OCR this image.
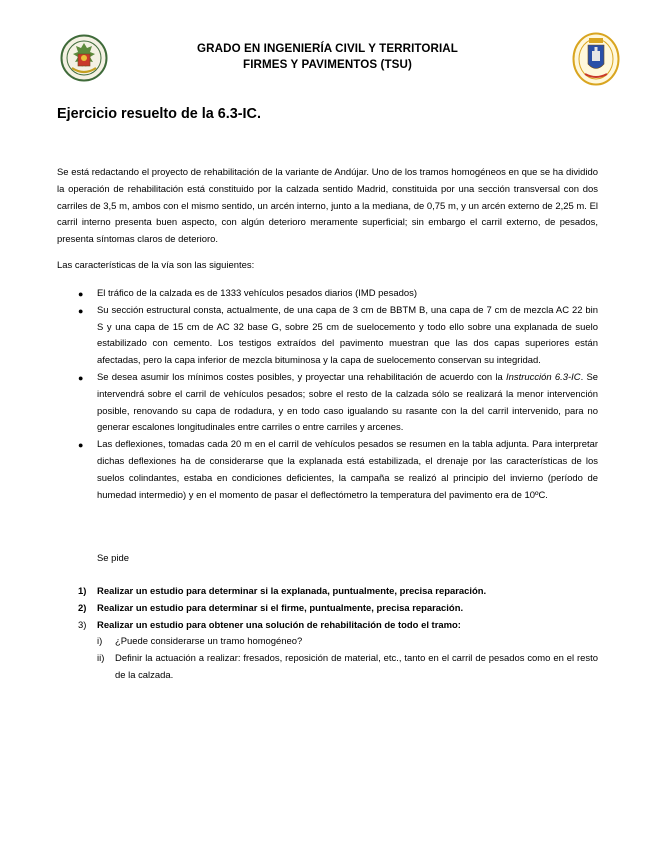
GRADO EN INGENIERÍA CIVIL Y TERRITORIAL
FIRMES Y PAVIMENTOS (TSU)
Ejercicio resuelto de la 6.3-IC.

Se está redactando el proyecto de rehabilitación de la variante de Andújar. Uno de los tramos homogéneos en que se ha dividido la operación de rehabilitación está constituido por la calzada sentido Madrid, constituida por una sección transversal con dos carriles de 3,5 m, ambos con el mismo sentido, un arcén interno, junto a la mediana, de 0,75 m, y un arcén externo de 2,25 m. El carril interno presenta buen aspecto, con algún deterioro meramente superficial; sin embargo el carril externo, de pesados, presenta síntomas claros de deterioro.

Las características de la vía son las siguientes:

● El tráfico de la calzada es de 1333 vehículos pesados diarios (IMD pesados)
● Su sección estructural consta, actualmente, de una capa de 3 cm de BBTM B, una capa de 7 cm de mezcla AC 22 bin S y una capa de 15 cm de AC 32 base G, sobre 25 cm de suelocemento y todo ello sobre una explanada de suelo estabilizado con cemento. Los testigos extraídos del pavimento muestran que las dos capas superiores están afectadas, pero la capa inferior de mezcla bituminosa y la capa de suelocemento conservan su integridad.
● Se desea asumir los mínimos costes posibles, y proyectar una rehabilitación de acuerdo con la Instrucción 6.3-IC. Se intervendrá sobre el carril de vehículos pesados; sobre el resto de la calzada sólo se realizará la menor intervención posible, renovando su capa de rodadura, y en todo caso igualando su rasante con la del carril intervenido, para no generar escalones longitudinales entre carriles o entre carriles y arcenes.
● Las deflexiones, tomadas cada 20 m en el carril de vehículos pesados se resumen en la tabla adjunta. Para interpretar dichas deflexiones ha de considerarse que la explanada está estabilizada, el drenaje por las características de los suelos colindantes, estaba en condiciones deficientes, la campaña se realizó al principio del invierno (período de humedad intermedio) y en el momento de pasar el deflectómetro la temperatura del pavimento era de 10ºC.
Se pide
1) Realizar un estudio para determinar si la explanada, puntualmente, precisa reparación.
2) Realizar un estudio para determinar si el firme, puntualmente, precisa reparación.
3) Realizar un estudio para obtener una solución de rehabilitación de todo el tramo:
i) ¿Puede considerarse un tramo homogéneo?
ii) Definir la actuación a realizar: fresados, reposición de material, etc., tanto en el carril de pesados como en el resto de la calzada.
